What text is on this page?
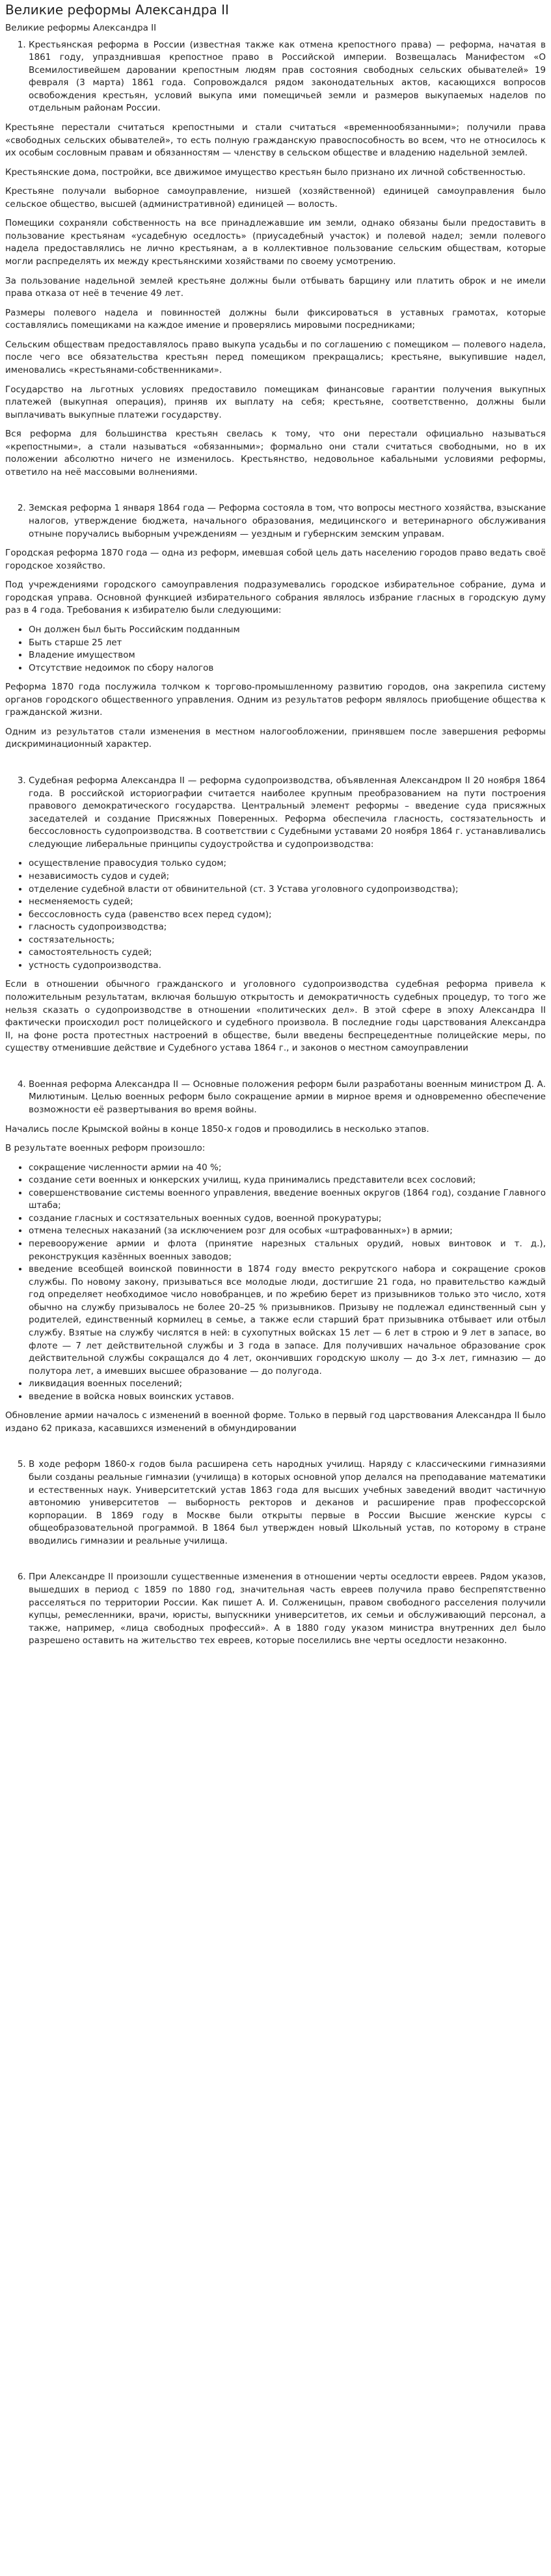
Великие реформы Александра II
Великие реформы Александра II
1. Крестьянская реформа в России (известная также как отмена крепостного права) — реформа, начатая в 1861 году, упразднившая крепостное право в Российской империи. Возвещалась Манифестом «О Всемилостивейшем даровании крепостным людям прав состояния свободных сельских обывателей» 19 февраля (3 марта) 1861 года. Сопровождался рядом законодательных актов, касающихся вопросов освобождения крестьян, условий выкупа ими помещичьей земли и размеров выкупаемых наделов по отдельным районам России.

Крестьяне перестали считаться крепостными и стали считаться «временнообязанными»; получили права «свободных сельских обывателей», то есть полную гражданскую правоспособность во всем, что не относилось к их особым сословным правам и обязанностям — членству в сельском обществе и владению надельной землей.

Крестьянские дома, постройки, все движимое имущество крестьян было признано их личной собственностью.

Крестьяне получали выборное самоуправление, низшей (хозяйственной) единицей самоуправления было сельское общество, высшей (административной) единицей — волость.

Помещики сохраняли собственность на все принадлежавшие им земли, однако обязаны были предоставить в пользование крестьянам «усадебную оседлость» (приусадебный участок) и полевой надел; земли полевого надела предоставлялись не лично крестьянам, а в коллективное пользование сельским обществам, которые могли распределять их между крестьянскими хозяйствами по своему усмотрению.

За пользование надельной землей крестьяне должны были отбывать барщину или платить оброк и не имели права отказа от неё в течение 49 лет.

Размеры полевого надела и повинностей должны были фиксироваться в уставных грамотах, которые составлялись помещиками на каждое имение и проверялись мировыми посредниками;

Сельским обществам предоставлялось право выкупа усадьбы и по соглашению с помещиком — полевого надела, после чего все обязательства крестьян перед помещиком прекращались; крестьяне, выкупившие надел, именовались «крестьянами-собственниками».

Государство на льготных условиях предоставило помещикам финансовые гарантии получения выкупных платежей (выкупная операция), приняв их выплату на себя; крестьяне, соответственно, должны были выплачивать выкупные платежи государству.

Вся реформа для большинства крестьян свелась к тому, что они перестали официально называться «крепостными», а стали называться «обязанными»; формально они стали считаться свободными, но в их положении абсолютно ничего не изменилось. Крестьянство, недовольное кабальными условиями реформы, ответило на неё массовыми волнениями.

2. Земская реформа 1 января 1864 года — Реформа состояла в том, что вопросы местного хозяйства, взыскание налогов, утверждение бюджета, начального образования, медицинского и ветеринарного обслуживания отныне поручались выборным учреждениям — уездным и губернским земским управам.

Городская реформа 1870 года — одна из реформ, имевшая собой цель дать населению городов право ведать своё городское хозяйство.

Под учреждениями городского самоуправления подразумевались городское избирательное собрание, дума и городская управа. Основной функцией избирательного собрания являлось избрание гласных в городскую думу раз в 4 года. Требования к избирателю были следующими:

• Он должен был быть Российским подданным
• Быть старше 25 лет
• Владение имуществом
• Отсутствие недоимок по сбору налогов

Реформа 1870 года послужила толчком к торгово-промышленному развитию городов, она закрепила систему органов городского общественного управления. Одним из результатов реформ являлось приобщение общества к гражданской жизни.

Одним из результатов стали изменения в местном налогообложении, принявшем после завершения реформы дискриминационный характер.

3. Судебная реформа Александра II — реформа судопроизводства, объявленная Александром II 20 ноября 1864 года. В российской историографии считается наиболее крупным преобразованием на пути построения правового демократического государства. Центральный элемент реформы – введение суда присяжных заседателей и создание Присяжных Поверенных. Реформа обеспечила гласность, состязательность и бессословность судопроизводства. В соответствии с Судебными уставами 20 ноября 1864 г. устанавливались следующие либеральные принципы судоустройства и судопроизводства:
• осуществление правосудия только судом;
• независимость судов и судей;
• отделение судебной власти от обвинительной (ст. 3 Устава уголовного судопроизводства);
• несменяемость судей;
• бессословность суда (равенство всех перед судом);
• гласность судопроизводства;
• состязательность;
• самостоятельность судей;
• устность судопроизводства.

Если в отношении обычного гражданского и уголовного судопроизводства судебная реформа привела к положительным результатам, включая большую открытость и демократичность судебных процедур, то того же нельзя сказать о судопроизводстве в отношении «политических дел». В этой сфере в эпоху Александра II фактически происходил рост полицейского и судебного произвола. В последние годы царствования Александра II, на фоне роста протестных настроений в обществе, были введены беспрецедентные полицейские меры, по существу отменившие действие и Судебного устава 1864 г., и законов о местном самоуправлении

4. Военная реформа Александра II — Основные положения реформ были разработаны военным министром Д. А. Милютиным. Целью военных реформ было сокращение армии в мирное время и одновременно обеспечение возможности её развертывания во время войны.

Начались после Крымской войны в конце 1850-х годов и проводились в несколько этапов.

В результате военных реформ произошло:

• сокращение численности армии на 40 %;
• создание сети военных и юнкерских училищ, куда принимались представители всех сословий;
• совершенствование системы военного управления, введение военных округов (1864 год), создание Главного штаба;
• создание гласных и состязательных военных судов, военной прокуратуры;
• отмена телесных наказаний (за исключением розг для особых «штрафованных») в армии;
• перевооружение армии и флота (принятие нарезных стальных орудий, новых винтовок и т. д.), реконструкция казённых военных заводов;
• введение всеобщей воинской повинности в 1874 году вместо рекрутского набора и сокращение сроков службы. По новому закону, призываться все молодые люди, достигшие 21 года, но правительство каждый год определяет необходимое число новобранцев, и по жребию берет из призывников только это число, хотя обычно на службу призывалось не более 20–25 % призывников. Призыву не подлежал единственный сын у родителей, единственный кормилец в семье, а также если старший брат призывника отбывает или отбыл службу. Взятые на службу числятся в ней: в сухопутных войсках 15 лет — 6 лет в строю и 9 лет в запасе, во флоте — 7 лет действительной службы и 3 года в запасе. Для получивших начальное образование срок действительной службы сокращался до 4 лет, окончивших городскую школу — до 3-х лет, гимназию — до полутора лет, а имевших высшее образование — до полугода.
• ликвидация военных поселений;
• введение в войска новых воинских уставов.

Обновление армии началось с изменений в военной форме. Только в первый год царствования Александра II было издано 62 приказа, касавшихся изменений в обмундировании

5. В ходе реформ 1860-х годов была расширена сеть народных училищ. Наряду с классическими гимназиями были созданы реальные гимназии (училища) в которых основной упор делался на преподавание математики и естественных наук. Университетский устав 1863 года для высших учебных заведений вводит частичную автономию университетов — выборность ректоров и деканов и расширение прав профессорской корпорации. В 1869 году в Москве были открыты первые в России Высшие женские курсы с общеобразовательной программой. В 1864 был утвержден новый Школьный устав, по которому в стране вводились гимназии и реальные училища.
6. При Александре II произошли существенные изменения в отношении черты оседлости евреев. Рядом указов, вышедших в период с 1859 по 1880 год, значительная часть евреев получила право беспрепятственно расселяться по территории России. Как пишет А. И. Солженицын, правом свободного расселения получили купцы, ремесленники, врачи, юристы, выпускники университетов, их семьи и обслуживающий персонал, а также, например, «лица свободных профессий». А в 1880 году указом министра внутренних дел было разрешено оставить на жительство тех евреев, которые поселились вне черты оседлости незаконно.
